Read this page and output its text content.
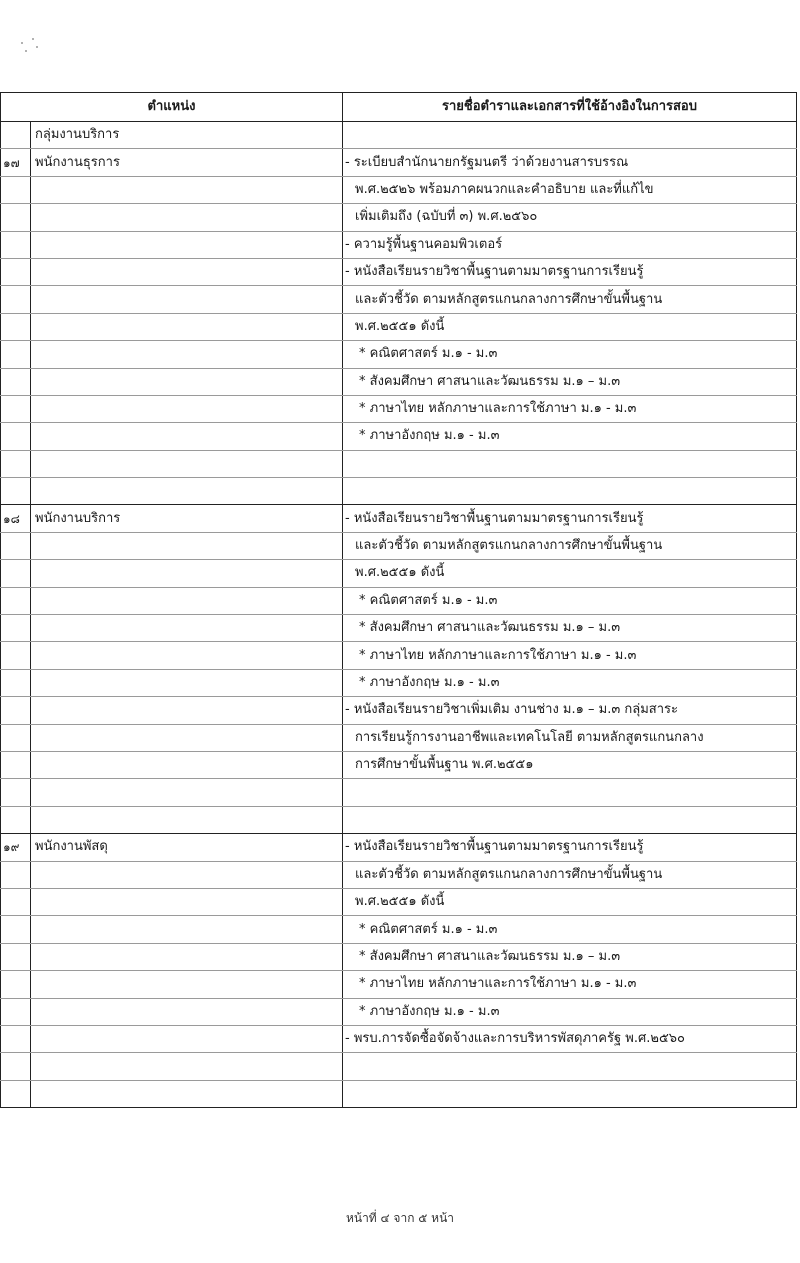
ตำแหน่ง		รายชื่อตำราและเอกสารที่ใช้อ้างอิงในการสอบ
	กลุ่มงานบริการ	
๑๗	พนักงานธุรการ	- ระเบียบสำนักนายกรัฐมนตรี ว่าด้วยงานสารบรรณ
		พ.ศ.๒๕๒๖ พร้อมภาคผนวกและคำอธิบาย และที่แก้ไข
		เพิ่มเติมถึง (ฉบับที่ ๓) พ.ศ.๒๕๖๐
		- ความรู้พื้นฐานคอมพิวเตอร์
		- หนังสือเรียนรายวิชาพื้นฐานตามมาตรฐานการเรียนรู้
		และตัวชี้วัด ตามหลักสูตรแกนกลางการศึกษาขั้นพื้นฐาน
		พ.ศ.๒๕๕๑ ดังนี้
		* คณิตศาสตร์ ม.๑ - ม.๓
		* สังคมศึกษา ศาสนาและวัฒนธรรม ม.๑ – ม.๓
		* ภาษาไทย หลักภาษาและการใช้ภาษา ม.๑ - ม.๓
		* ภาษาอังกฤษ ม.๑ - ม.๓

๑๘	พนักงานบริการ	- หนังสือเรียนรายวิชาพื้นฐานตามมาตรฐานการเรียนรู้
		และตัวชี้วัด ตามหลักสูตรแกนกลางการศึกษาขั้นพื้นฐาน
		พ.ศ.๒๕๕๑ ดังนี้
		* คณิตศาสตร์ ม.๑ - ม.๓
		* สังคมศึกษา ศาสนาและวัฒนธรรม ม.๑ – ม.๓
		* ภาษาไทย หลักภาษาและการใช้ภาษา ม.๑ - ม.๓
		* ภาษาอังกฤษ ม.๑ - ม.๓
		- หนังสือเรียนรายวิชาเพิ่มเติม งานช่าง ม.๑ – ม.๓ กลุ่มสาระ
		การเรียนรู้การงานอาชีพและเทคโนโลยี ตามหลักสูตรแกนกลาง
		การศึกษาขั้นพื้นฐาน พ.ศ.๒๕๕๑

๑๙	พนักงานพัสดุ	- หนังสือเรียนรายวิชาพื้นฐานตามมาตรฐานการเรียนรู้
		และตัวชี้วัด ตามหลักสูตรแกนกลางการศึกษาขั้นพื้นฐาน
		พ.ศ.๒๕๕๑ ดังนี้
		* คณิตศาสตร์ ม.๑ - ม.๓
		* สังคมศึกษา ศาสนาและวัฒนธรรม ม.๑ – ม.๓
		* ภาษาไทย หลักภาษาและการใช้ภาษา ม.๑ - ม.๓
		* ภาษาอังกฤษ ม.๑ - ม.๓
		- พรบ.การจัดซื้อจัดจ้างและการบริหารพัสดุภาครัฐ พ.ศ.๒๕๖๐

หน้าที่ ๔ จาก ๕ หน้า
